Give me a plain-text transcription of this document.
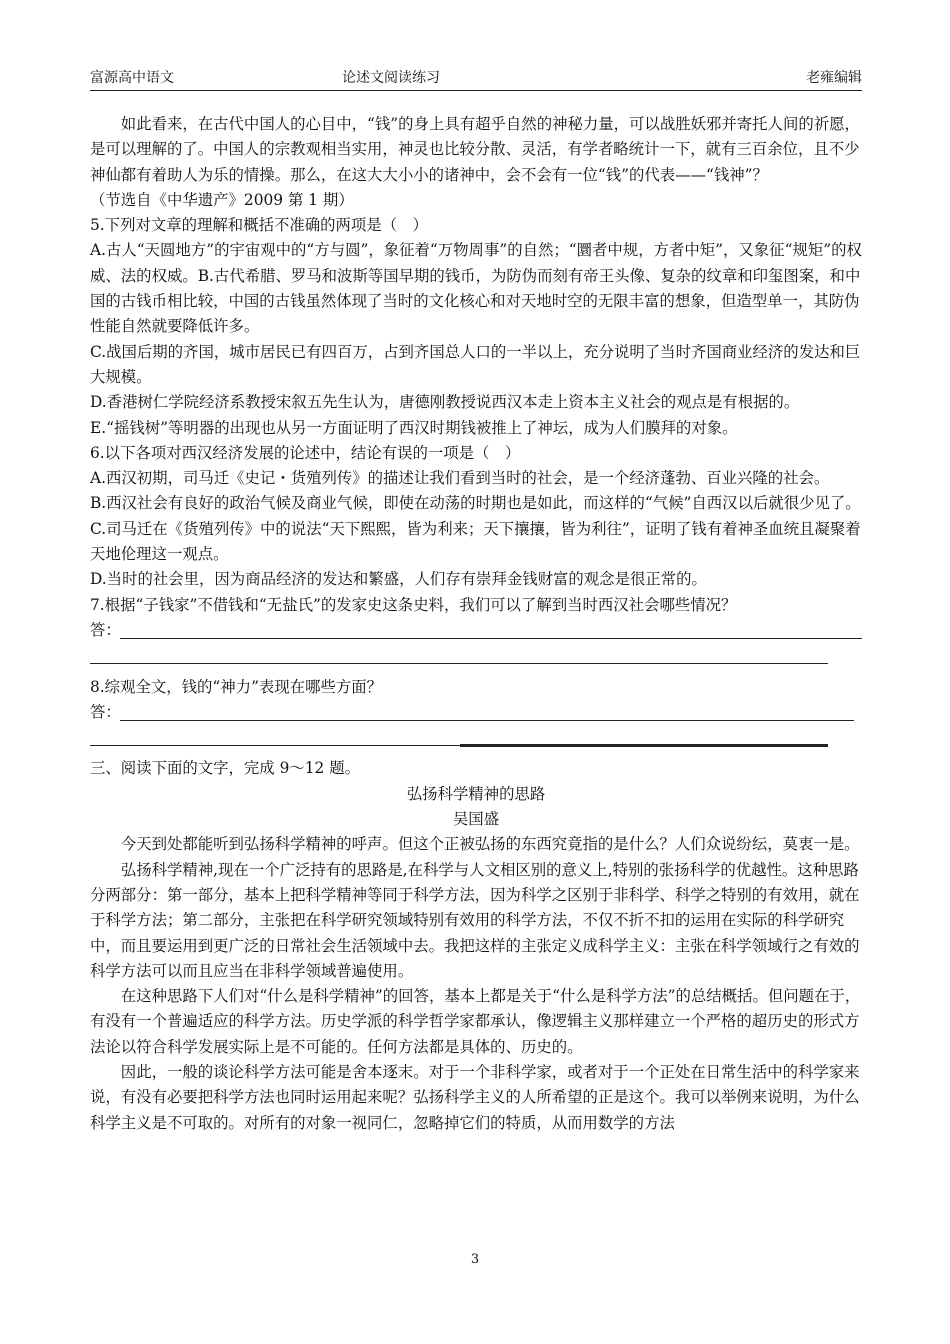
富源高中语文	论述文阅读练习	老雍编辑

如此看来，在古代中国人的心目中，“钱”的身上具有超乎自然的神秘力量，可以战胜妖邪并寄托人间的祈愿，是可以理解的了。中国人的宗教观相当实用，神灵也比较分散、灵活，有学者略统计一下，就有三百余位，且不少神仙都有着助人为乐的情操。那么，在这大大小小的诸神中，会不会有一位“钱”的代表——“钱神”？　　　　　　　　（节选自《中华遗产》2009 第 1 期）

5.下列对文章的理解和概括不准确的两项是（　）

A.古人“天圆地方”的宇宙观中的“方与圆”，象征着“万物周事”的自然；“圜者中规，方者中矩”，又象征“规矩”的权威、法的权威。B.古代希腊、罗马和波斯等国早期的钱币，为防伪而刻有帝王头像、复杂的纹章和印玺图案，和中国的古钱币相比较，中国的古钱虽然体现了当时的文化核心和对天地时空的无限丰富的想象，但造型单一，其防伪性能自然就要降低许多。

C.战国后期的齐国，城市居民已有四百万，占到齐国总人口的一半以上，充分说明了当时齐国商业经济的发达和巨大规模。

D.香港树仁学院经济系教授宋叙五先生认为，唐德刚教授说西汉本走上资本主义社会的观点是有根据的。

E.“摇钱树”等明器的出现也从另一方面证明了西汉时期钱被推上了神坛，成为人们膜拜的对象。

6.以下各项对西汉经济发展的论述中，结论有误的一项是（　）

A.西汉初期，司马迁《史记・货殖列传》的描述让我们看到当时的社会，是一个经济蓬勃、百业兴隆的社会。

B.西汉社会有良好的政治气候及商业气候，即使在动荡的时期也是如此，而这样的“气候”自西汉以后就很少见了。

C.司马迁在《货殖列传》中的说法“天下熙熙，皆为利来；天下攘攘，皆为利往”，证明了钱有着神圣血统且凝聚着天地伦理这一观点。

D.当时的社会里，因为商品经济的发达和繁盛，人们存有崇拜金钱财富的观念是很正常的。

7.根据“子钱家”不借钱和“无盐氏”的发家史这条史料，我们可以了解到当时西汉社会哪些情况？

答：

8.综观全文，钱的“神力”表现在哪些方面？

答：

三、阅读下面的文字，完成 9～12 题。

弘扬科学精神的思路

吴国盛

今天到处都能听到弘扬科学精神的呼声。但这个正被弘扬的东西究竟指的是什么？人们众说纷纭，莫衷一是。

弘扬科学精神,现在一个广泛持有的思路是,在科学与人文相区别的意义上,特别的张扬科学的优越性。这种思路分两部分：第一部分，基本上把科学精神等同于科学方法，因为科学之区别于非科学、科学之特别的有效用，就在于科学方法；第二部分，主张把在科学研究领域特别有效用的科学方法，不仅不折不扣的运用在实际的科学研究中，而且要运用到更广泛的日常社会生活领域中去。我把这样的主张定义成科学主义：主张在科学领域行之有效的科学方法可以而且应当在非科学领域普遍使用。

在这种思路下人们对“什么是科学精神”的回答，基本上都是关于“什么是科学方法”的总结概括。但问题在于，有没有一个普遍适应的科学方法。历史学派的科学哲学家都承认，像逻辑主义那样建立一个严格的超历史的形式方法论以符合科学发展实际上是不可能的。任何方法都是具体的、历史的。

因此，一般的谈论科学方法可能是舍本逐末。对于一个非科学家，或者对于一个正处在日常生活中的科学家来说，有没有必要把科学方法也同时运用起来呢？弘扬科学主义的人所希望的正是这个。我可以举例来说明，为什么科学主义是不可取的。对所有的对象一视同仁，忽略掉它们的特质，从而用数学的方法

3
